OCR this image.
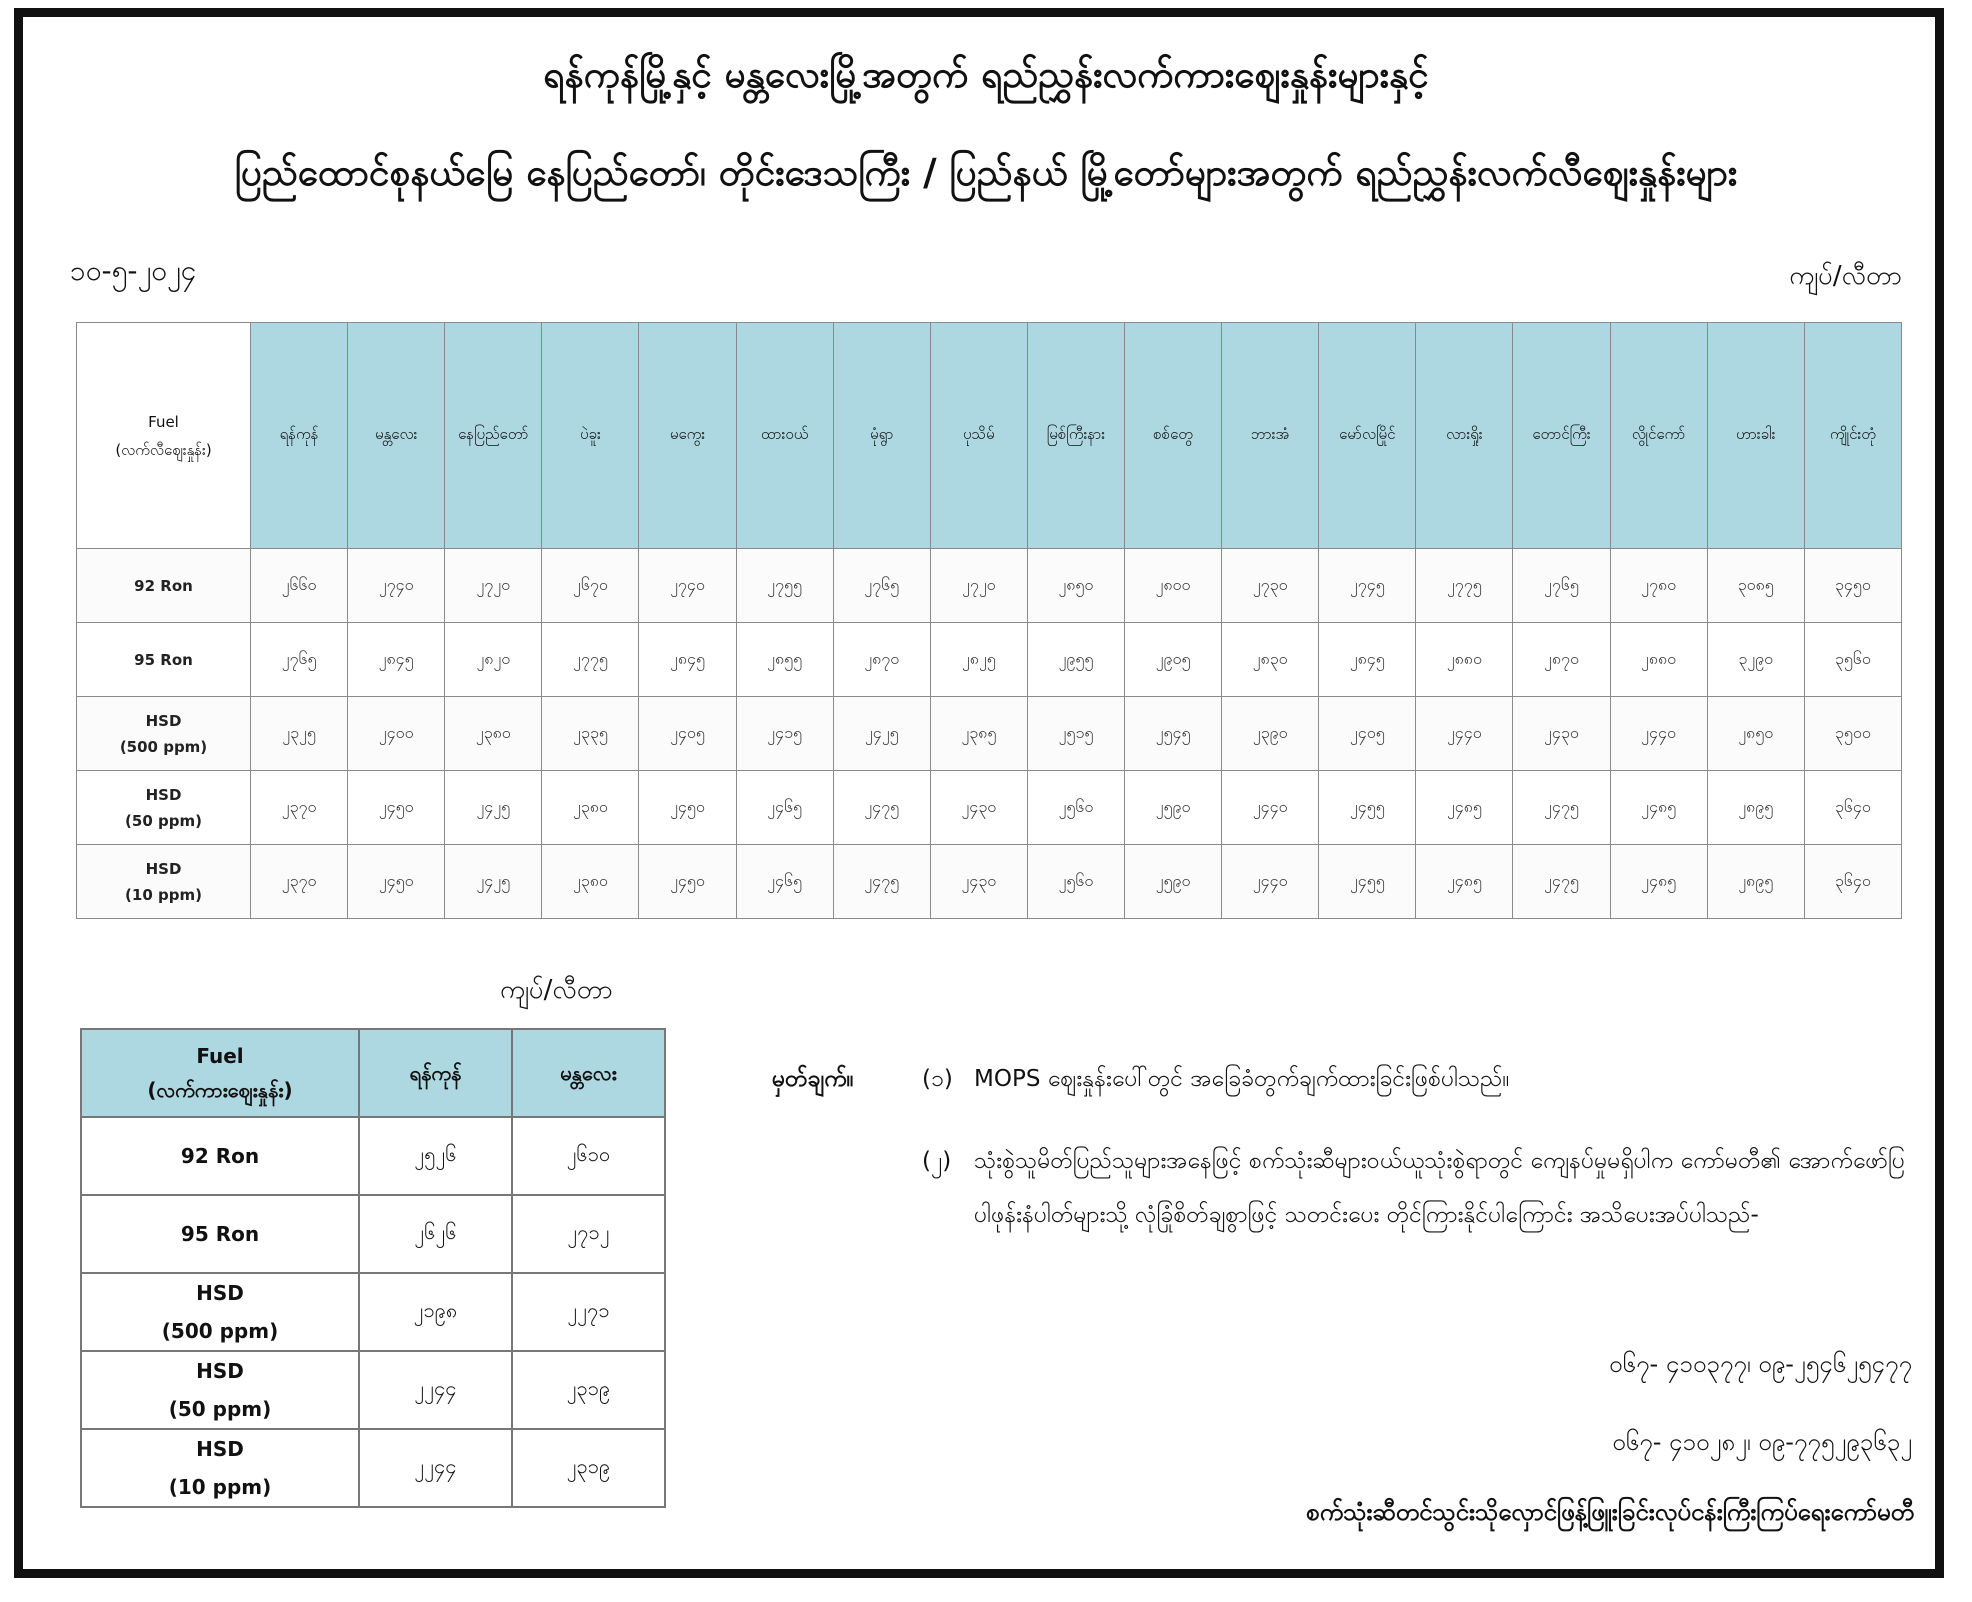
ရန်ကုန်မြို့နှင့် မန္တလေးမြို့အတွက် ရည်ညွှန်းလက်ကားဈေးနှုန်းများနှင့်
ပြည်ထောင်စုနယ်မြေ နေပြည်တော်၊ တိုင်းဒေသကြီး / ပြည်နယ် မြို့တော်များအတွက် ရည်ညွှန်းလက်လီဈေးနှုန်းများ
၁၀-၅-၂၀၂၄	ကျပ်/လီတာ
Fuel
(လက်လီဈေးနှုန်း)	ရန်ကုန်	မန္တလေး	နေပြည်တော်	ပဲခူး	မကွေး	ထားဝယ်	မုံရွာ	ပုသိမ်	မြစ်ကြီးနား	စစ်တွေ	ဘားအံ	မော်လမြိုင်	လားရှိုး	တောင်ကြီး	လွိုင်ကော်	ဟားခါး	ကျိုင်းတုံ

92 Ron	၂၆၆၀	၂၇၄၀	၂၇၂၀	၂၆၇၀	၂၇၄၀	၂၇၅၅	၂၇၆၅	၂၇၂၀	၂၈၅၀	၂၈၀၀	၂၇၃၀	၂၇၄၅	၂၇၇၅	၂၇၆၅	၂၇၈၀	၃၀၈၅	၃၄၅၀

95 Ron	၂၇၆၅	၂၈၄၅	၂၈၂၀	၂၇၇၅	၂၈၄၅	၂၈၅၅	၂၈၇၀	၂၈၂၅	၂၉၅၅	၂၉၀၅	၂၈၃၀	၂၈၄၅	၂၈၈၀	၂၈၇၀	၂၈၈၀	၃၂၉၀	၃၅၆၀

HSD
(500 ppm)	၂၃၂၅	၂၄၀၀	၂၃၈၀	၂၃၃၅	၂၄၀၅	၂၄၁၅	၂၄၂၅	၂၃၈၅	၂၅၁၅	၂၅၄၅	၂၃၉၀	၂၄၀၅	၂၄၄၀	၂၄၃၀	၂၄၄၀	၂၈၅၀	၃၅၀၀

HSD
(50 ppm)	၂၃၇၀	၂၄၅၀	၂၄၂၅	၂၃၈၀	၂၄၅၀	၂၄၆၅	၂၄၇၅	၂၄၃၀	၂၅၆၀	၂၅၉၀	၂၄၄၀	၂၄၅၅	၂၄၈၅	၂၄၇၅	၂၄၈၅	၂၈၉၅	၃၆၄၀

HSD
(10 ppm)	၂၃၇၀	၂၄၅၀	၂၄၂၅	၂၃၈၀	၂၄၅၀	၂၄၆၅	၂၄၇၅	၂၄၃၀	၂၅၆၀	၂၅၉၀	၂၄၄၀	၂၄၅၅	၂၄၈၅	၂၄၇၅	၂၄၈၅	၂၈၉၅	၃၆၄၀
ကျပ်/လီတာ
Fuel
(လက်ကားဈေးနှုန်း)	ရန်ကုန်	မန္တလေး

92 Ron	၂၅၂၆	၂၆၁၀

95 Ron	၂၆၂၆	၂၇၁၂

HSD
(500 ppm)	၂၁၉၈	၂၂၇၁

HSD
(50 ppm)	၂၂၄၄	၂၃၁၉

HSD
(10 ppm)	၂၂၄၄	၂၃၁၉
မှတ်ချက်။	(၁) MOPS ဈေးနှုန်းပေါ်တွင် အခြေခံတွက်ချက်ထားခြင်းဖြစ်ပါသည်။
(၂) သုံးစွဲသူမိတ်ပြည်သူများအနေဖြင့် စက်သုံးဆီများဝယ်ယူသုံးစွဲရာတွင် ကျေနပ်မှုမရှိပါက ကော်မတီ၏ အောက်ဖော်ပြပါဖုန်းနံပါတ်များသို့ လုံခြုံစိတ်ချစွာဖြင့် သတင်းပေး တိုင်ကြားနိုင်ပါကြောင်း အသိပေးအပ်ပါသည်-
၀၆၇- ၄၁၀၃၇၇၊ ၀၉-၂၅၄၆၂၅၄၇၇
၀၆၇- ၄၁၀၂၈၂၊ ၀၉-၇၇၅၂၉၃၆၃၂
စက်သုံးဆီတင်သွင်းသိုလှောင်ဖြန့်ဖြူးခြင်းလုပ်ငန်းကြီးကြပ်ရေးကော်မတီ
